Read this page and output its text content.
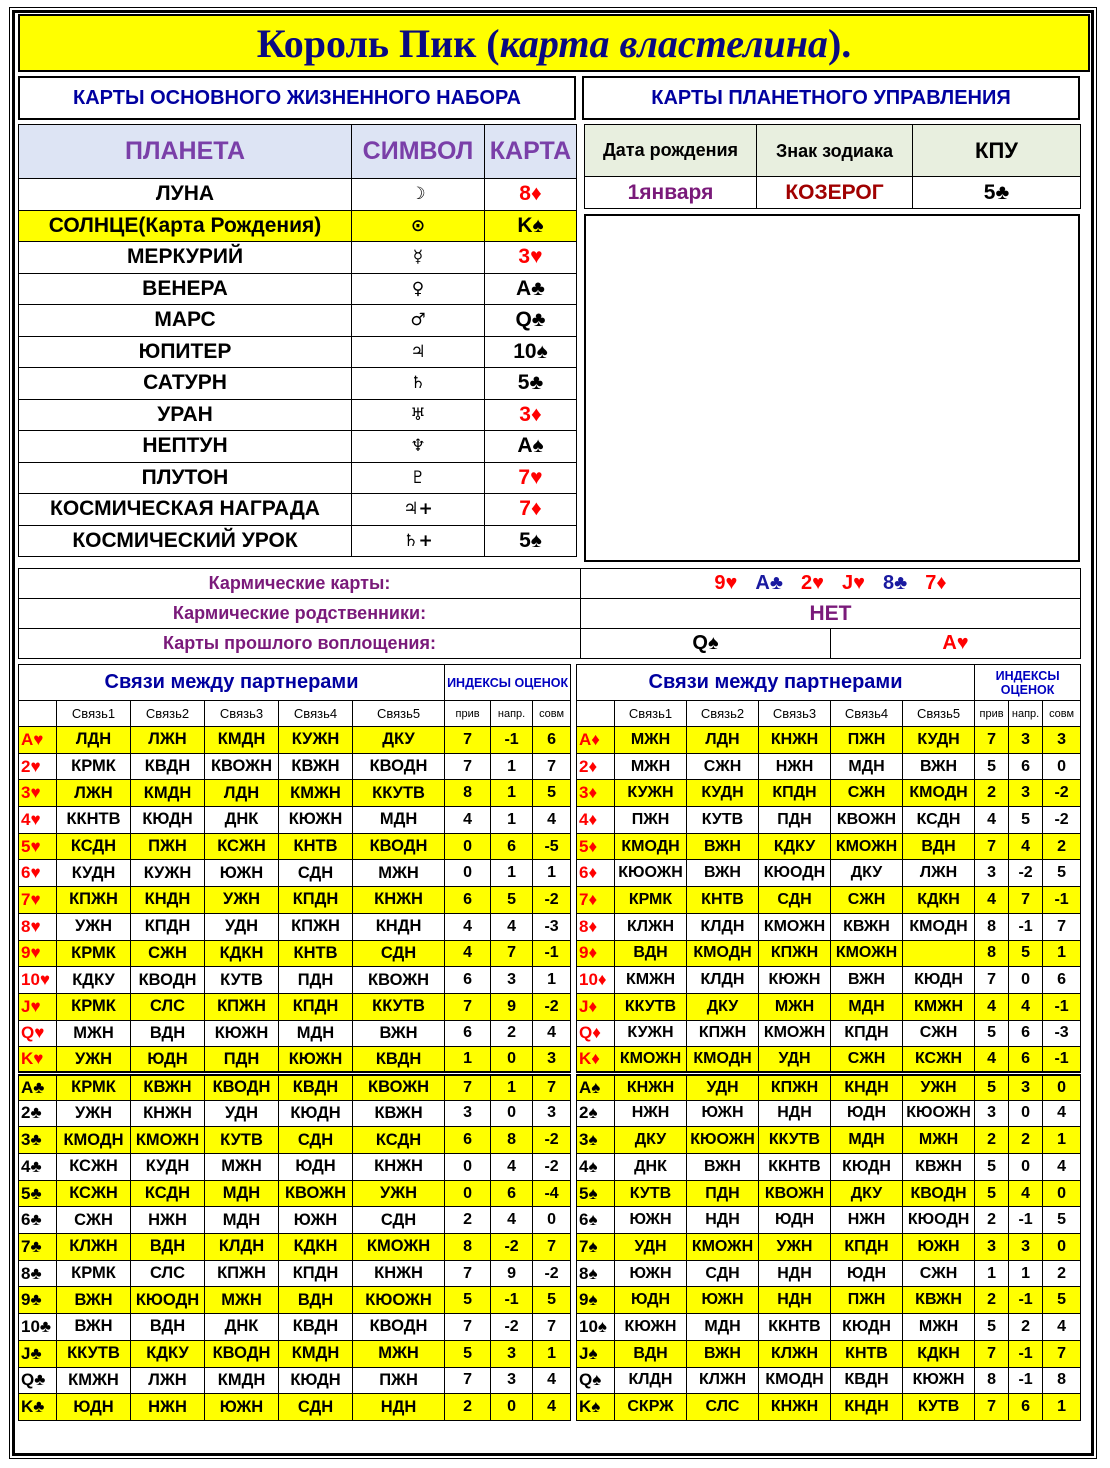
Король Пик ( карта властелина ).
КАРТЫ ОСНОВНОГО ЖИЗНЕННОГО НАБОРА	КАРТЫ ПЛАНЕТНОГО УПРАВЛЕНИЯ
ПЛАНЕТА	СИМВОЛ	КАРТА
ЛУНА	☽	8♦
СОЛНЦЕ(Карта Рождения)	⊙	K♠
МЕРКУРИЙ	☿	3♥
ВЕНЕРА	♀	A♣
МАРС	♂	Q♣
ЮПИТЕР	♃	10♠
САТУРН	♄	5♣
УРАН	♅	3♦
НЕПТУН	♆	A♠
ПЛУТОН	♇	7♥
КОСМИЧЕСКАЯ НАГРАДА	♃+	7♦
КОСМИЧЕСКИЙ УРОК	♄+	5♠
Дата рождения	Знак зодиака	КПУ
1января	КОЗЕРОГ	5♣
Кармические карты:	9♥ A♣ 2♥ J♥ 8♣ 7♦	
Кармические родственники:	НЕТ	
Карты прошлого воплощения:	Q♠	A♥
Связи между партнерами						ИНДЕКСЫ ОЦЕНОК		
	Связь1	Связь2	Связь3	Связь4	Связь5	прив	напр.	совм
A♥	ЛДН	ЛЖН	КМДН	КУЖН	ДКУ	7	-1	6
2♥	КРМК	КВДН	КВОЖН	КВЖН	КВОДН	7	1	7
3♥	ЛЖН	КМДН	ЛДН	КМЖН	ККУТВ	8	1	5
4♥	ККНТВ	КЮДН	ДНК	КЮЖН	МДН	4	1	4
5♥	КСДН	ПЖН	КСЖН	КНТВ	КВОДН	0	6	-5
6♥	КУДН	КУЖН	ЮЖН	СДН	МЖН	0	1	1
7♥	КПЖН	КНДН	УЖН	КПДН	КНЖН	6	5	-2
8♥	УЖН	КПДН	УДН	КПЖН	КНДН	4	4	-3
9♥	КРМК	СЖН	КДКН	КНТВ	СДН	4	7	-1
10♥	КДКУ	КВОДН	КУТВ	ПДН	КВОЖН	6	3	1
J♥	КРМК	СЛС	КПЖН	КПДН	ККУТВ	7	9	-2
Q♥	МЖН	ВДН	КЮЖН	МДН	ВЖН	6	2	4
K♥	УЖН	ЮДН	ПДН	КЮЖН	КВДН	1	0	3
A♣	КРМК	КВЖН	КВОДН	КВДН	КВОЖН	7	1	7
2♣	УЖН	КНЖН	УДН	КЮДН	КВЖН	3	0	3
3♣	КМОДН	КМОЖН	КУТВ	СДН	КСДН	6	8	-2
4♣	КСЖН	КУДН	МЖН	ЮДН	КНЖН	0	4	-2
5♣	КСЖН	КСДН	МДН	КВОЖН	УЖН	0	6	-4
6♣	СЖН	НЖН	МДН	ЮЖН	СДН	2	4	0
7♣	КЛЖН	ВДН	КЛДН	КДКН	КМОЖН	8	-2	7
8♣	КРМК	СЛС	КПЖН	КПДН	КНЖН	7	9	-2
9♣	ВЖН	КЮОДН	МЖН	ВДН	КЮОЖН	5	-1	5
10♣	ВЖН	ВДН	ДНК	КВДН	КВОДН	7	-2	7
J♣	ККУТВ	КДКУ	КВОДН	КМДН	МЖН	5	3	1
Q♣	КМЖН	ЛЖН	КМДН	КЮДН	ПЖН	7	3	4
K♣	ЮДН	НЖН	ЮЖН	СДН	НДН	2	0	4
Связи между партнерами						ИНДЕКСЫ ОЦЕНОК		
	Связь1	Связь2	Связь3	Связь4	Связь5	прив	напр.	совм
A♦	МЖН	ЛДН	КНЖН	ПЖН	КУДН	7	3	3
2♦	МЖН	СЖН	НЖН	МДН	ВЖН	5	6	0
3♦	КУЖН	КУДН	КПДН	СЖН	КМОДН	2	3	-2
4♦	ПЖН	КУТВ	ПДН	КВОЖН	КСДН	4	5	-2
5♦	КМОДН	ВЖН	КДКУ	КМОЖН	ВДН	7	4	2
6♦	КЮОЖН	ВЖН	КЮОДН	ДКУ	ЛЖН	3	-2	5
7♦	КРМК	КНТВ	СДН	СЖН	КДКН	4	7	-1
8♦	КЛЖН	КЛДН	КМОЖН	КВЖН	КМОДН	8	-1	7
9♦	ВДН	КМОДН	КПЖН	КМОЖН		8	5	1
10♦	КМЖН	КЛДН	КЮЖН	ВЖН	КЮДН	7	0	6
J♦	ККУТВ	ДКУ	МЖН	МДН	КМЖН	4	4	-1
Q♦	КУЖН	КПЖН	КМОЖН	КПДН	СЖН	5	6	-3
K♦	КМОЖН	КМОДН	УДН	СЖН	КСЖН	4	6	-1
A♠	КНЖН	УДН	КПЖН	КНДН	УЖН	5	3	0
2♠	НЖН	ЮЖН	НДН	ЮДН	КЮОЖН	3	0	4
3♠	ДКУ	КЮОЖН	ККУТВ	МДН	МЖН	2	2	1
4♠	ДНК	ВЖН	ККНТВ	КЮДН	КВЖН	5	0	4
5♠	КУТВ	ПДН	КВОЖН	ДКУ	КВОДН	5	4	0
6♠	ЮЖН	НДН	ЮДН	НЖН	КЮОДН	2	-1	5
7♠	УДН	КМОЖН	УЖН	КПДН	ЮЖН	3	3	0
8♠	ЮЖН	СДН	НДН	ЮДН	СЖН	1	1	2
9♠	ЮДН	ЮЖН	НДН	ПЖН	КВЖН	2	-1	5
10♠	КЮЖН	МДН	ККНТВ	КЮДН	МЖН	5	2	4
J♠	ВДН	ВЖН	КЛЖН	КНТВ	КДКН	7	-1	7
Q♠	КЛДН	КЛЖН	КМОДН	КВДН	КЮЖН	8	-1	8
K♠	СКРЖ	СЛС	КНЖН	КНДН	КУТВ	7	6	1
